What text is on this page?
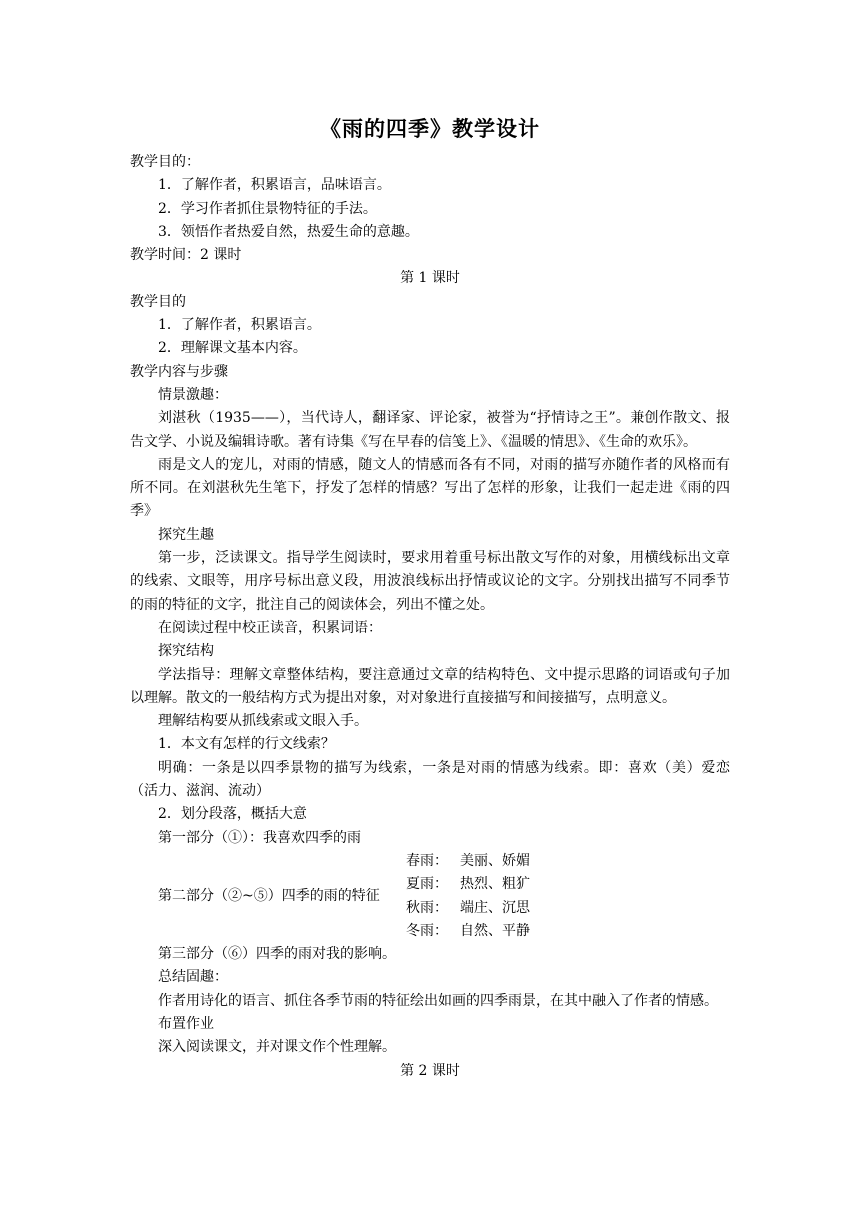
《雨的四季》教学设计

教学目的：

1．了解作者，积累语言，品味语言。

2．学习作者抓住景物特征的手法。

3．领悟作者热爱自然，热爱生命的意趣。

教学时间：2 课时

第 1 课时

教学目的

1．了解作者，积累语言。

2．理解课文基本内容。

教学内容与步骤

情景激趣：

刘湛秋（1935——），当代诗人，翻译家、评论家，被誉为“抒情诗之王”。兼创作散文、报告文学、小说及编辑诗歌。著有诗集《写在早春的信笺上》、《温暖的情思》、《生命的欢乐》。

雨是文人的宠儿，对雨的情感，随文人的情感而各有不同，对雨的描写亦随作者的风格而有所不同。在刘湛秋先生笔下，抒发了怎样的情感？写出了怎样的形象，让我们一起走进《雨的四季》

探究生趣

第一步，泛读课文。指导学生阅读时，要求用着重号标出散文写作的对象，用横线标出文章的线索、文眼等，用序号标出意义段，用波浪线标出抒情或议论的文字。分别找出描写不同季节的雨的特征的文字，批注自己的阅读体会，列出不懂之处。

在阅读过程中校正读音，积累词语：

探究结构

学法指导：理解文章整体结构，要注意通过文章的结构特色、文中提示思路的词语或句子加以理解。散文的一般结构方式为提出对象，对对象进行直接描写和间接描写，点明意义。

理解结构要从抓线索或文眼入手。

1．本文有怎样的行文线索？

明确：一条是以四季景物的描写为线索，一条是对雨的情感为线索。即：喜欢（美）爱恋（活力、滋润、流动）

2．划分段落，概括大意

第一部分（①）：我喜欢四季的雨

第二部分（②~⑤）四季的雨的特征
春雨： 美丽、娇媚
夏雨： 热烈、粗犷
秋雨： 端庄、沉思
冬雨： 自然、平静

第三部分（⑥）四季的雨对我的影响。

总结固趣：

作者用诗化的语言、抓住各季节雨的特征绘出如画的四季雨景，在其中融入了作者的情感。

布置作业

深入阅读课文，并对课文作个性理解。

第 2 课时
